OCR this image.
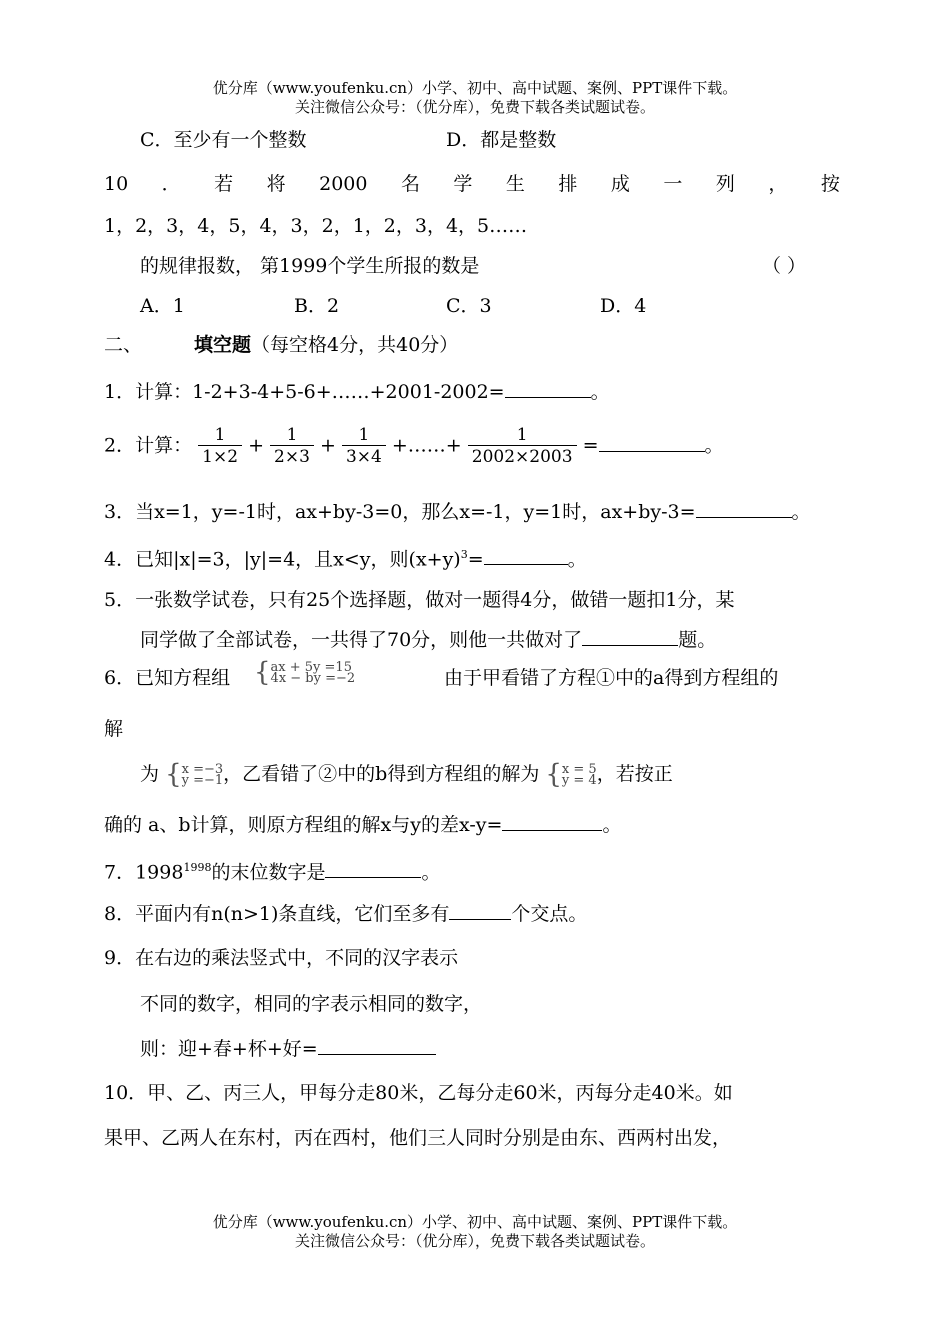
优分库（www.youfenku.cn）小学、初中、高中试题、案例、PPT课件下载。
关注微信公众号：（优分库），免费下载各类试题试卷。
C．至少有一个整数	D．都是整数
10 ． 若 将 2000 名 学 生 排 成 一 列 ， 按
1，2，3，4，5，4，3，2，1，2，3，4，5……
的规律报数， 第1999个学生所报的数是	（ ）
A．1	B．2	C．3	D．4
二、	填空题（每空格4分，共40分）
1．计算：1-2+3-4+5-6+……+2001-2002=	。
2．计算： $\frac{1}{1\times 2} + \frac{1}{2\times 3} + \frac{1}{3\times 4}$ +……+ $\frac{1}{2002\times 2003}$ =	。
3．当x=1，y=-1时，ax+by-3=0，那么x=-1，y=1时，ax+by-3=	。
4．已知|x|=3，|y|=4，且x<y，则$(x+y)^3=$	。
5．一张数学试卷，只有25个选择题，做对一题得4分，做错一题扣1分，某
同学做了全部试卷，一共得了70分，则他一共做对了	题。
6．已知方程组 { ax + 5y =15
4x − by =−2	由于甲看错了方程①中的a得到方程组的
解
为 { x =−3
y =−1 ，乙看错了②中的b得到方程组的解为 { x = 5
y = 4 ，若按正
确的 a、b计算，则原方程组的解x与y的差x-y=	。
7．$1998^{1998}$的末位数字是	。
8．平面内有n(n>1)条直线，它们至多有	个交点。
9．在右边的乘法竖式中，不同的汉字表示
不同的数字，相同的字表示相同的数字，
则：迎+春+杯+好=
10．甲、乙、丙三人，甲每分走80米，乙每分走60米，丙每分走40米。如
果甲、乙两人在东村，丙在西村，他们三人同时分别是由东、西两村出发，
优分库（www.youfenku.cn）小学、初中、高中试题、案例、PPT课件下载。
关注微信公众号：（优分库），免费下载各类试题试卷。
